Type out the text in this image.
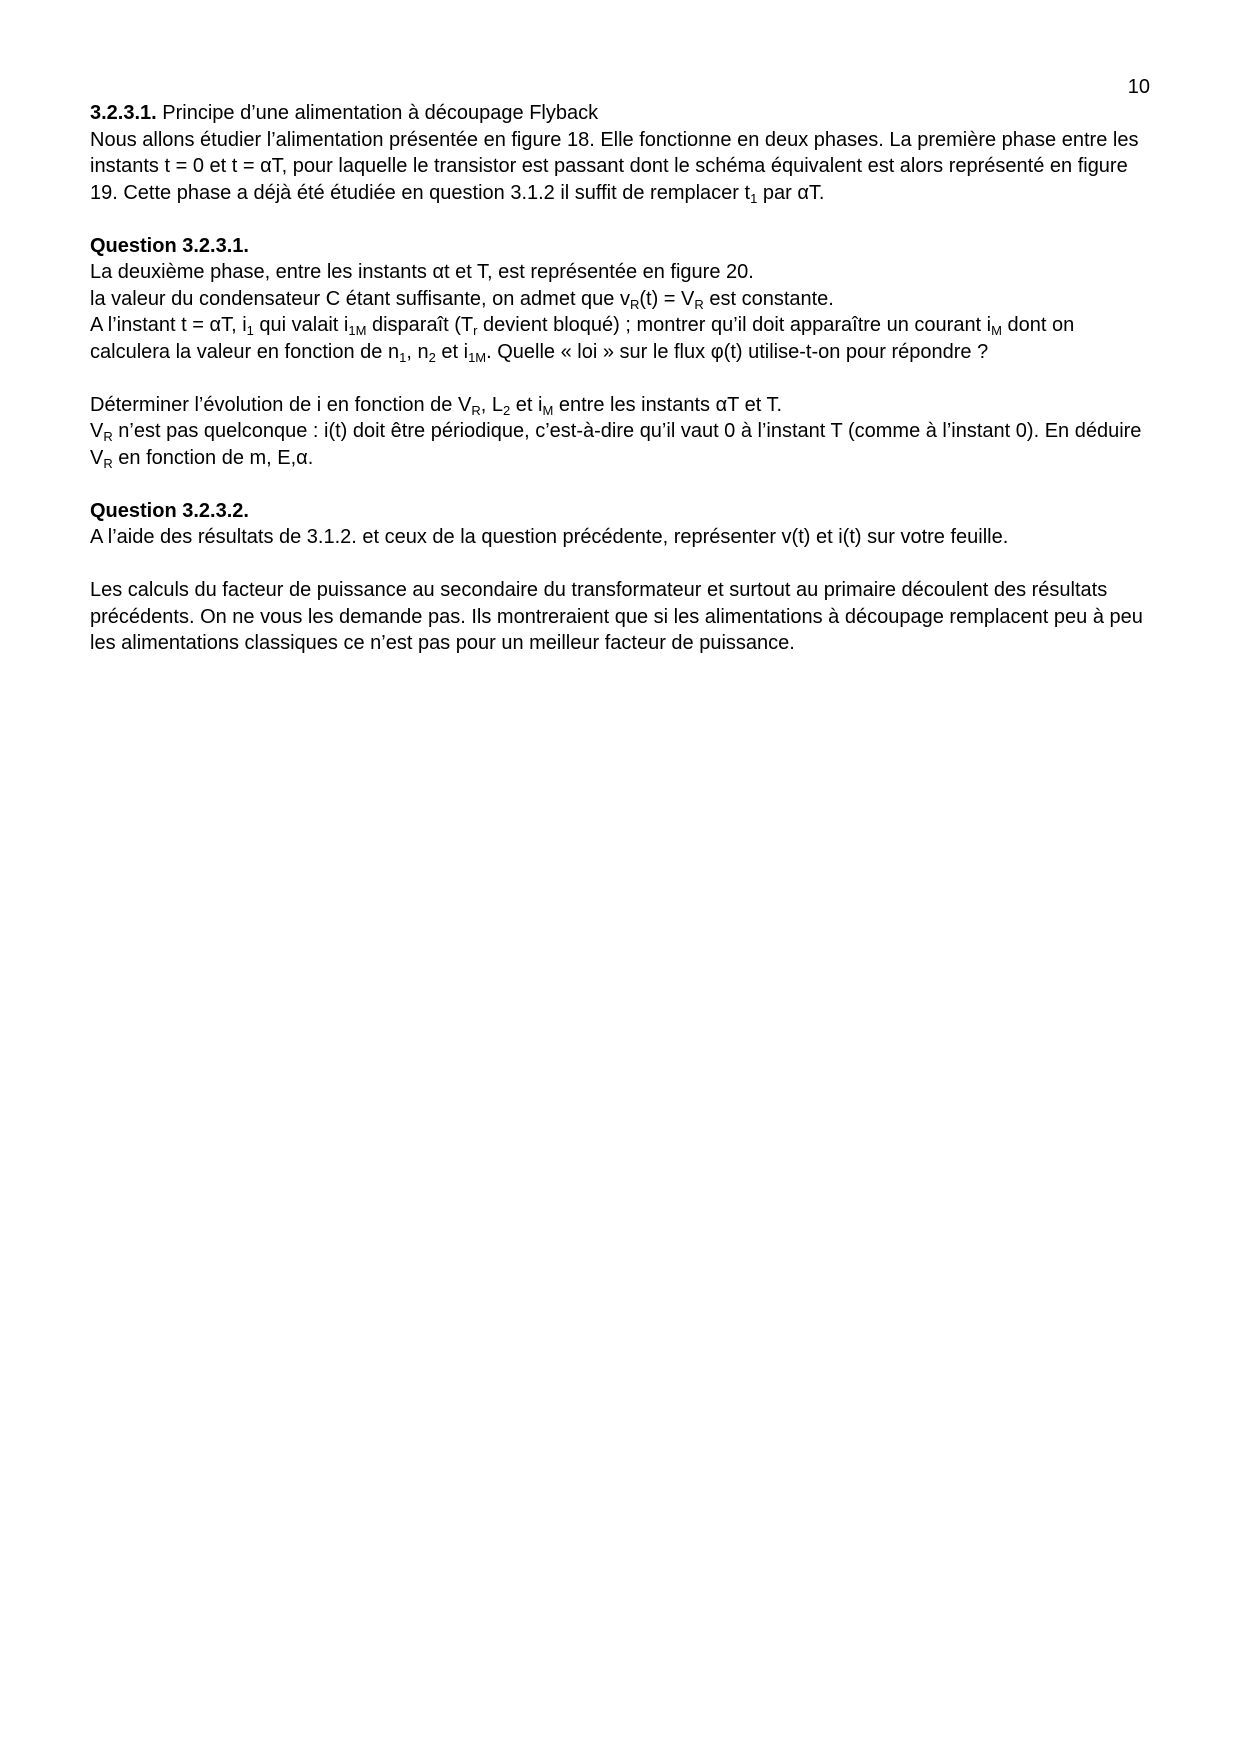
10

3.2.3.1. Principe d’une alimentation à découpage Flyback
Nous allons étudier l’alimentation présentée en figure 18. Elle fonctionne en deux phases. La première phase entre les instants t = 0 et t = αT, pour laquelle le transistor est passant dont le schéma équivalent est alors représenté en figure 19. Cette phase a déjà été étudiée en question 3.1.2 il suffit de remplacer $t_1$ par αT.

Question 3.2.3.1.
La deuxième phase, entre les instants αt et T, est représentée en figure 20.
la valeur du condensateur C étant suffisante, on admet que $v_R(t) = V_R$ est constante.
A l’instant t = αT, $i_1$ qui valait $i_{1M}$ disparaît ($T_r$ devient bloqué) ; montrer qu’il doit apparaître un courant $i_M$ dont on calculera la valeur en fonction de $n_1$, $n_2$ et $i_{1M}$. Quelle « loi » sur le flux φ(t) utilise-t-on pour répondre ?

Déterminer l’évolution de i en fonction de $V_R$, $L_2$ et $i_M$ entre les instants αT et T.
$V_R$ n’est pas quelconque : i(t) doit être périodique, c’est-à-dire qu’il vaut 0 à l’instant T (comme à l’instant 0). En déduire $V_R$ en fonction de m, E,α.

Question 3.2.3.2.
A l’aide des résultats de 3.1.2. et ceux de la question précédente, représenter v(t) et i(t) sur votre feuille.

Les calculs du facteur de puissance au secondaire du transformateur et surtout au primaire découlent des résultats précédents. On ne vous les demande pas. Ils montreraient que si les alimentations à découpage remplacent peu à peu les alimentations classiques ce n’est pas pour un meilleur facteur de puissance.
